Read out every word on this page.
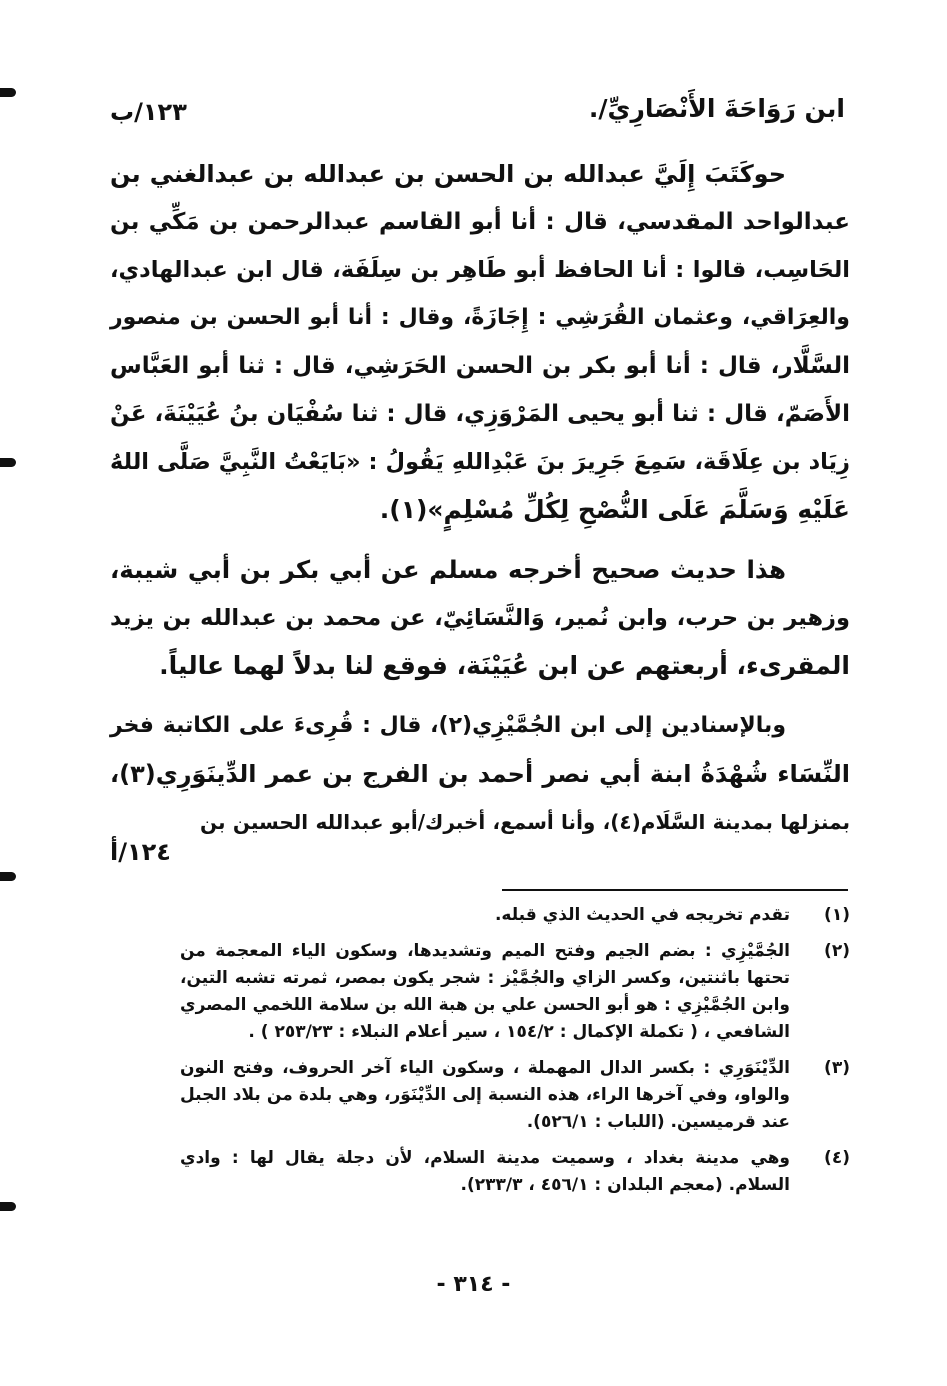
ابن رَوَاحَةَ الأَنْصَارِيِّ/.
١٢٣/ب

حوكَتَبَ إِلَيَّ عبدالله بن الحسن بن عبدالله بن عبدالغني بن
عبدالواحد المقدسي، قال : أنا أبو القاسم عبدالرحمن بن مَكِّي بن
الحَاسِب، قالوا : أنا الحافظ أبو طَاهِر بن سِلَفَة، قال ابن عبدالهادي،
والعِرَاقي، وعثمان القُرَشِي : إِجَازَةً، وقال : أنا أبو الحسن بن منصور
السَّلَّار، قال : أنا أبو بكر بن الحسن الحَرَشِي، قال : ثنا أبو العَبَّاس
الأَصَمّ، قال : ثنا أبو يحيى المَرْوَزِي، قال : ثنا سُفْيَان بنُ عُيَيْنَةَ، عَنْ
زِيَاد بن عِلَاقَة، سَمِعَ جَرِيرَ بنَ عَبْدِاللهِ يَقُولُ : «بَايَعْتُ النَّبِيَّ صَلَّى اللهُ
عَلَيْهِ وَسَلَّمَ عَلَى النُّصْحِ لِكُلِّ مُسْلِمٍ»(١).

هذا حديث صحيح أخرجه مسلم عن أبي بكر بن أبي شيبة،
وزهير بن حرب، وابن نُمير، وَالنَّسَائِيّ، عن محمد بن عبدالله بن يزيد
المقرىء، أربعتهم عن ابن عُيَيْنَة، فوقع لنا بدلاً لهما عالياً.

وبالإسنادين إلى ابن الجُمَّيْزِي(٢)، قال : قُرِىءَ على الكاتبة فخر
النِّسَاء شُهْدَةُ ابنة أبي نصر أحمد بن الفرج بن عمر الدِّينَوَرِي(٣)،
بمنزلها بمدينة السَّلَام(٤)، وأنا أسمع، أخبرك/أبو عبدالله الحسين بن

١٢٤/أ
(١)
تقدم تخريجه في الحديث الذي قبله.
(٢)
الجُمَّيْزِي : بضم الجيم وفتح الميم وتشديدها، وسكون الياء المعجمة من تحتها باثنتين، وكسر الزاي والجُمَّيْز : شجر يكون بمصر، ثمرته تشبه التين، وابن الجُمَّيْزِي : هو أبو الحسن علي بن هبة الله بن سلامة اللخمي المصري الشافعي ، ( تكملة الإكمال : ١٥٤/٢ ، سير أعلام النبلاء : ٢٥٣/٢٣ ) .
(٣)
الدِّيْنَوَرِي : بكسر الدال المهملة ، وسكون الياء آخر الحروف، وفتح النون والواو، وفي آخرها الراء، هذه النسبة إلى الدِّيْنَوَر، وهي بلدة من بلاد الجبل عند قرميسين. (اللباب : ٥٢٦/١).
(٤)
وهي مدينة بغداد ، وسميت مدينة السلام، لأن دجلة يقال لها : وادي السلام. (معجم البلدان : ٤٥٦/١ ، ٢٣٣/٣).
- ٣١٤ -
